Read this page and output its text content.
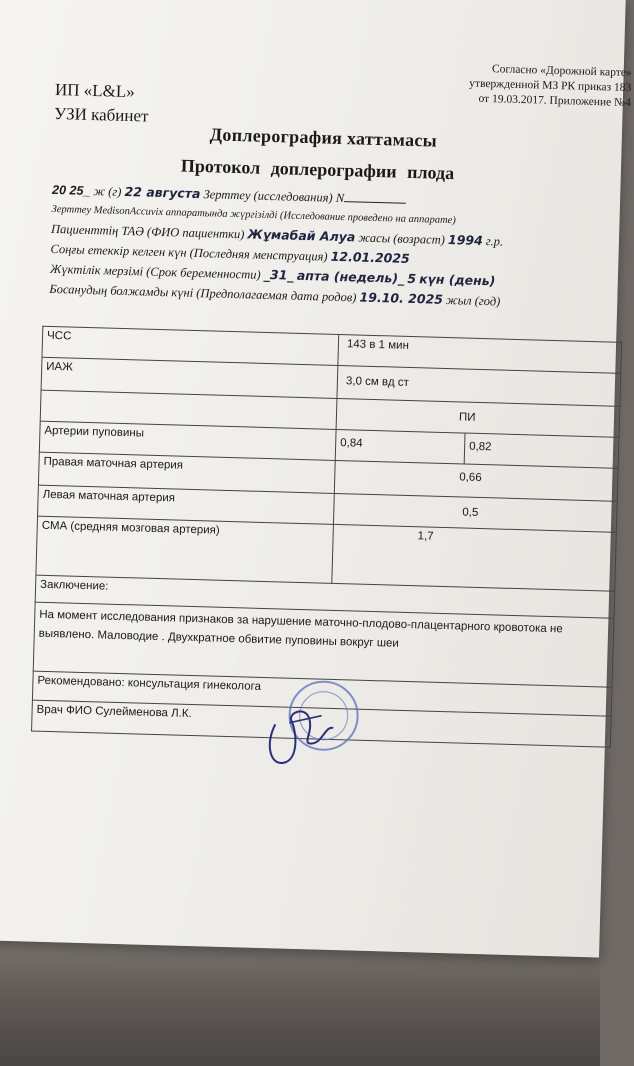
ИП «L&L»
УЗИ кабинет
Согласно «Дорожной карте»
утвержденной МЗ РК приказ 183
от 19.03.2017. Приложение №4
Доплерография хаттамасы
Протокол доплерографии плода
20 25_ ж (г) 22 августа Зерттеу (исследования) N
Зерттеу MedisonAccuvix аппаратында жүргізілді (Исследование проведено на аппарате)
Пациенттің ТАӘ (ФИО пациентки) Жұмабай Алуа жасы (возраст) 1994 г.р.
Соңғы етеккір келген күн (Последняя менструация) 12.01.2025
Жүктілік мерзімі (Срок беременности) _31_ апта (недель)_ 5 күн (день)
Босанудың болжамды күні (Предполагаемая дата родов) 19.10. 2025 жыл (год)
ЧСС	143 в 1 мин	
ИАЖ	3,0 см вд ст	
	ПИ	
Артерии пуповины	0,84	0,82
Правая маточная артерия	0,66	
Левая маточная артерия	0,5	
СМА (средняя мозговая артерия)	1,7	
Заключение:		
На момент исследования признаков за нарушение маточно-плодово-плацентарного кровотока не выявлено. Маловодие . Двухкратное обвитие пуповины вокруг шеи		
Рекомендовано: консультация гинеколога		
Врач ФИО Сулейменова Л.К.		
